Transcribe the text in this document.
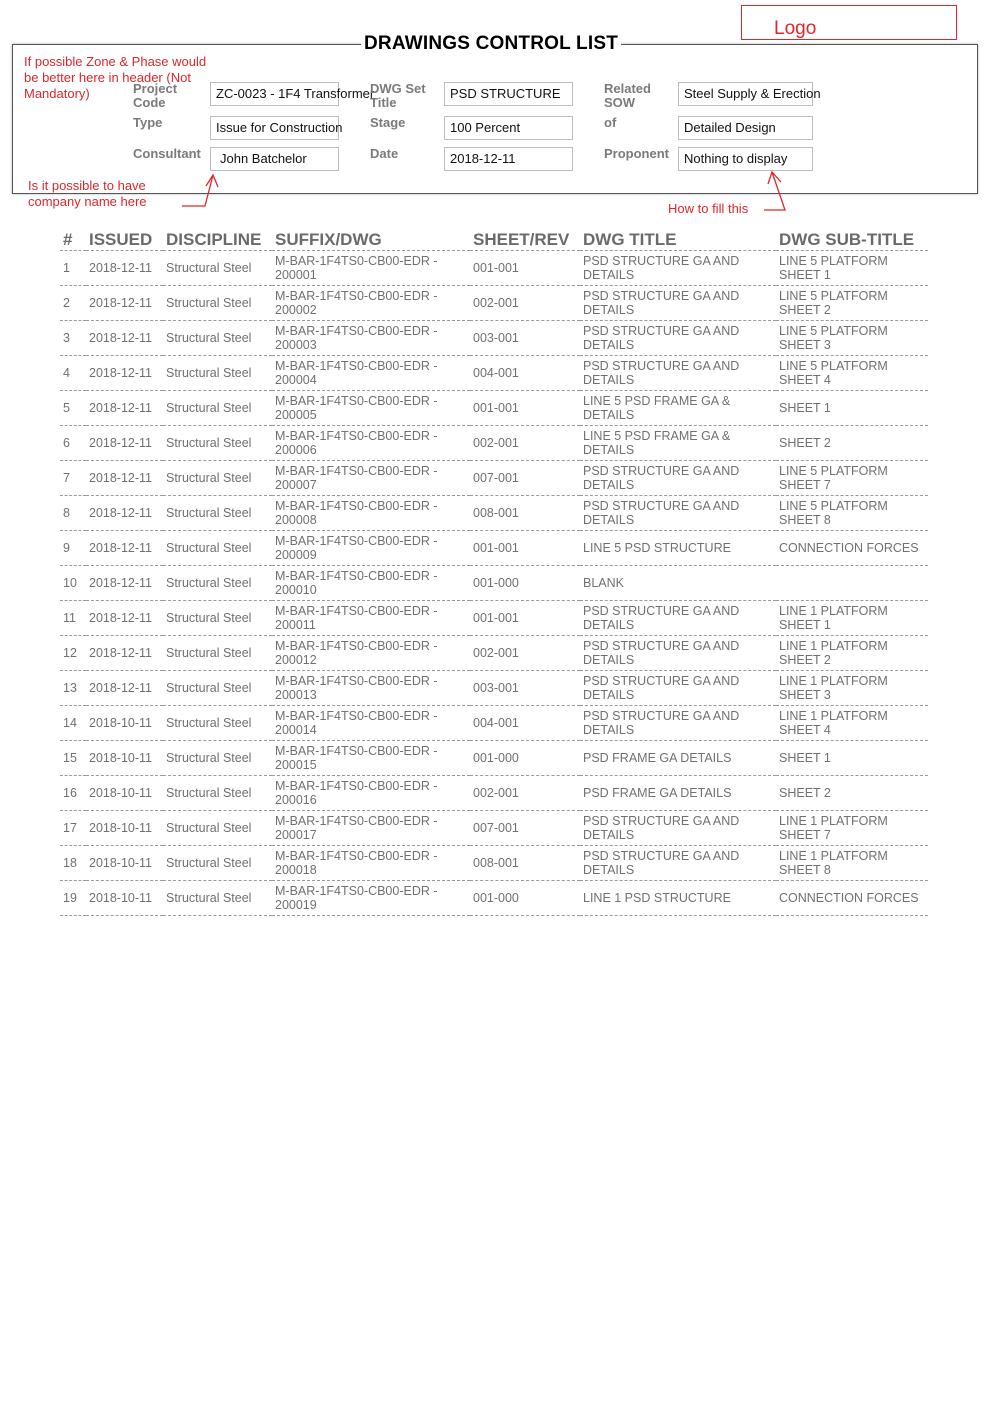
Logo
DRAWINGS CONTROL LIST
If possible Zone & Phase would be better here in header (Not Mandatory)
Is it possible to have company name here	How to fill this
Project Code
ZC-0023 - 1F4 Transformer
Type	Issue for Construction
Consultant	John Batchelor
DWG Set Title
PSD STRUCTURE
Stage	100 Percent
Date	2018-12-11
Related SOW
Steel Supply & Erection
of	Detailed Design
Proponent	Nothing to display
#	ISSUED	DISCIPLINE	SUFFIX/DWG	SHEET/REV	DWG TITLE	DWG SUB-TITLE
1	2018-12-11	Structural Steel	M-BAR-1F4TS0-CB00-EDR - 200001	001-001	PSD STRUCTURE GA AND DETAILS	LINE 5 PLATFORM SHEET 1
2	2018-12-11	Structural Steel	M-BAR-1F4TS0-CB00-EDR - 200002	002-001	PSD STRUCTURE GA AND DETAILS	LINE 5 PLATFORM SHEET 2
3	2018-12-11	Structural Steel	M-BAR-1F4TS0-CB00-EDR - 200003	003-001	PSD STRUCTURE GA AND DETAILS	LINE 5 PLATFORM SHEET 3
4	2018-12-11	Structural Steel	M-BAR-1F4TS0-CB00-EDR - 200004	004-001	PSD STRUCTURE GA AND DETAILS	LINE 5 PLATFORM SHEET 4
5	2018-12-11	Structural Steel	M-BAR-1F4TS0-CB00-EDR - 200005	001-001	LINE 5 PSD FRAME GA & DETAILS	SHEET 1
6	2018-12-11	Structural Steel	M-BAR-1F4TS0-CB00-EDR - 200006	002-001	LINE 5 PSD FRAME GA & DETAILS	SHEET 2
7	2018-12-11	Structural Steel	M-BAR-1F4TS0-CB00-EDR - 200007	007-001	PSD STRUCTURE GA AND DETAILS	LINE 5 PLATFORM SHEET 7
8	2018-12-11	Structural Steel	M-BAR-1F4TS0-CB00-EDR - 200008	008-001	PSD STRUCTURE GA AND DETAILS	LINE 5 PLATFORM SHEET 8
9	2018-12-11	Structural Steel	M-BAR-1F4TS0-CB00-EDR - 200009	001-001	LINE 5 PSD STRUCTURE	CONNECTION FORCES
10	2018-12-11	Structural Steel	M-BAR-1F4TS0-CB00-EDR - 200010	001-000	BLANK	
11	2018-12-11	Structural Steel	M-BAR-1F4TS0-CB00-EDR - 200011	001-001	PSD STRUCTURE GA AND DETAILS	LINE 1 PLATFORM SHEET 1
12	2018-12-11	Structural Steel	M-BAR-1F4TS0-CB00-EDR - 200012	002-001	PSD STRUCTURE GA AND DETAILS	LINE 1 PLATFORM SHEET 2
13	2018-12-11	Structural Steel	M-BAR-1F4TS0-CB00-EDR - 200013	003-001	PSD STRUCTURE GA AND DETAILS	LINE 1 PLATFORM SHEET 3
14	2018-10-11	Structural Steel	M-BAR-1F4TS0-CB00-EDR - 200014	004-001	PSD STRUCTURE GA AND DETAILS	LINE 1 PLATFORM SHEET 4
15	2018-10-11	Structural Steel	M-BAR-1F4TS0-CB00-EDR - 200015	001-000	PSD FRAME GA DETAILS	SHEET 1
16	2018-10-11	Structural Steel	M-BAR-1F4TS0-CB00-EDR - 200016	002-001	PSD FRAME GA DETAILS	SHEET 2
17	2018-10-11	Structural Steel	M-BAR-1F4TS0-CB00-EDR - 200017	007-001	PSD STRUCTURE GA AND DETAILS	LINE 1 PLATFORM SHEET 7
18	2018-10-11	Structural Steel	M-BAR-1F4TS0-CB00-EDR - 200018	008-001	PSD STRUCTURE GA AND DETAILS	LINE 1 PLATFORM SHEET 8
19	2018-10-11	Structural Steel	M-BAR-1F4TS0-CB00-EDR - 200019	001-000	LINE 1 PSD STRUCTURE	CONNECTION FORCES
